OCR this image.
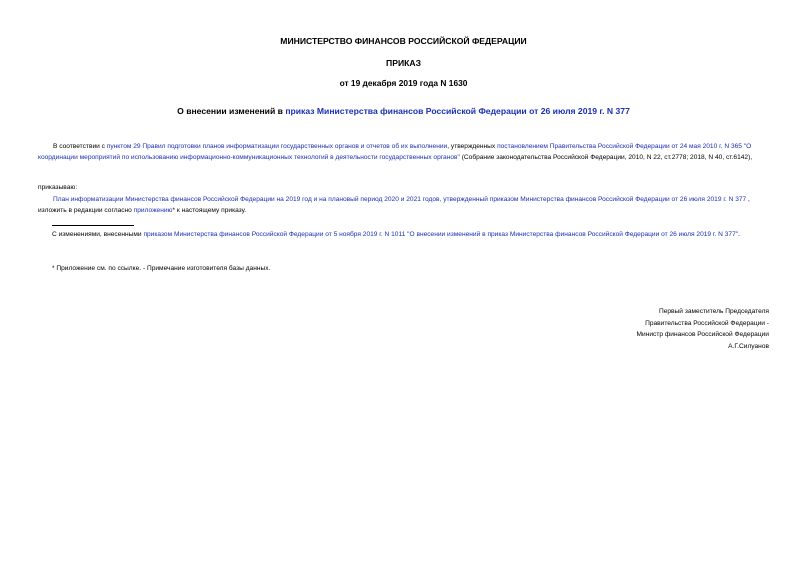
МИНИСТЕРСТВО ФИНАНСОВ РОССИЙСКОЙ ФЕДЕРАЦИИ
ПРИКАЗ
от 19 декабря 2019 года N 1630
О внесении изменений в приказ Министерства финансов Российской Федерации от 26 июля 2019 г. N 377
В соответствии с пунктом 29 Правил подготовки планов информатизации государственных органов и отчетов об их выполнении, утвержденных постановлением Правительства Российской Федерации от 24 мая 2010 г. N 365 "О координации мероприятий по использованию информационно-коммуникационных технологий в деятельности государственных органов" (Собрание законодательства Российской Федерации, 2010, N 22, ст.2778; 2018, N 40, ст.6142),
приказываю:
План информатизации Министерства финансов Российской Федерации на 2019 год и на плановый период 2020 и 2021 годов, утвержденный приказом Министерства финансов Российской Федерации от 26 июля 2019 г. N 377 , изложить в редакции согласно приложению* к настоящему приказу.
С изменениями, внесенными приказом Министерства финансов Российской Федерации от 5 ноября 2019 г. N 1011 "О внесении изменений в приказ Министерства финансов Российской Федерации от 26 июля 2019 г. N 377".
* Приложение см. по ссылке. - Примечание изготовителя базы данных.
Первый заместитель Председателя
Правительства Российской Федерации -
Министр финансов Российской Федерации
А.Г.Силуанов
